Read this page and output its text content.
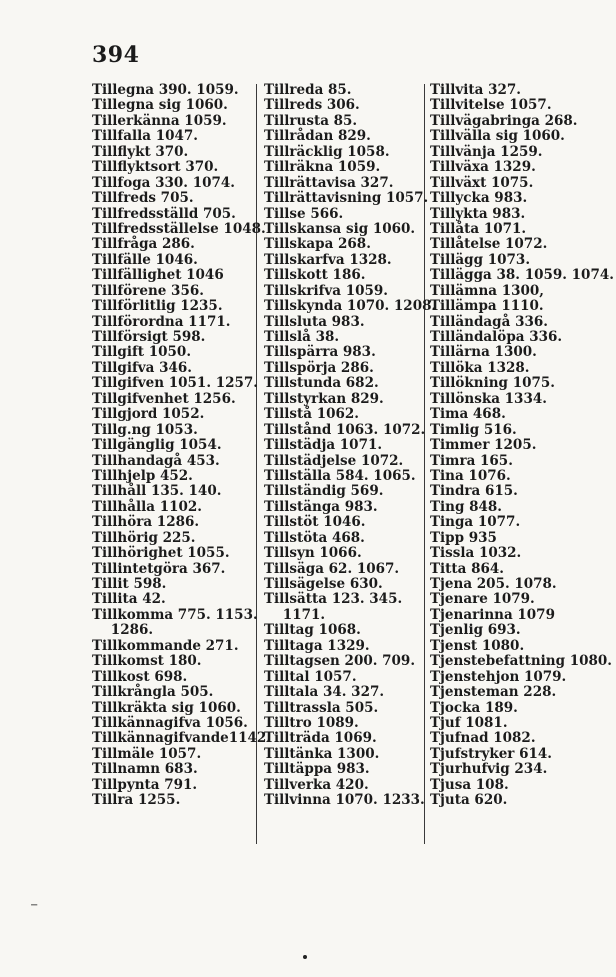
394
Tillegna 390. 1059.
Tillegna sig 1060.
Tillerkänna 1059.
Tillfalla 1047.
Tillflykt 370.
Tillflyktsort 370.
Tillfoga 330. 1074.
Tillfreds 705.
Tillfredsställd 705.
Tillfredsställelse 1048.
Tillfråga 286.
Tillfälle 1046.
Tillfällighet 1046
Tillförene 356.
Tillförlitlig 1235.
Tillförordna 1171.
Tillförsigt 598.
Tillgift 1050.
Tillgifva 346.
Tillgifven 1051. 1257.
Tillgifvenhet 1256.
Tillgjord 1052.
Tillg.ng 1053.
Tillgänglig 1054.
Tillhandagå 453.
Tillhjelp 452.
Tillhåll 135. 140.
Tillhålla 1102.
Tillhöra 1286.
Tillhörig 225.
Tillhörighet 1055.
Tillintetgöra 367.
Tillit 598.
Tillita 42.
Tillkomma 775. 1153.
1286.
Tillkommande 271.
Tillkomst 180.
Tillkost 698.
Tillkrångla 505.
Tillkräkta sig 1060.
Tillkännagifva 1056.
Tillkännagifvande1142.
Tillmäle 1057.
Tillnamn 683.
Tillpynta 791.
Tillra 1255.
Tillreda 85.
Tillreds 306.
Tillrusta 85.
Tillrådan 829.
Tillräcklig 1058.
Tillräkna 1059.
Tillrättavisa 327.
Tillrättavisning 1057.
Tillse 566.
Tillskansa sig 1060.
Tillskapa 268.
Tillskarfva 1328.
Tillskott 186.
Tillskrifva 1059.
Tillskynda 1070. 1208.
Tillsluta 983.
Tillslå 38.
Tillspärra 983.
Tillspörja 286.
Tillstunda 682.
Tillstyrkan 829.
Tillstå 1062.
Tillstånd 1063. 1072.
Tillstädja 1071.
Tillstädjelse 1072.
Tillställa 584. 1065.
Tillständig 569.
Tillstänga 983.
Tillstöt 1046.
Tillstöta 468.
Tillsyn 1066.
Tillsäga 62. 1067.
Tillsägelse 630.
Tillsätta 123. 345.
1171.
Tilltag 1068.
Tilltaga 1329.
Tilltagsen 200. 709.
Tilltal 1057.
Tilltala 34. 327.
Tilltrassla 505.
Tilltro 1089.
Tillträda 1069.
Tilltänka 1300.
Tilltäppa 983.
Tillverka 420.
Tillvinna 1070. 1233.
Tillvita 327.
Tillvitelse 1057.
Tillvägabringa 268.
Tillvälla sig 1060.
Tillvänja 1259.
Tillväxa 1329.
Tillväxt 1075.
Tillycka 983.
Tillykta 983.
Tillåta 1071.
Tillåtelse 1072.
Tillägg 1073.
Tillägga 38. 1059. 1074.
Tillämna 1300,
Tillämpa 1110.
Tilländagå 336.
Tilländalöpa 336.
Tillärna 1300.
Tillöka 1328.
Tillökning 1075.
Tillönska 1334.
Tima 468.
Timlig 516.
Timmer 1205.
Timra 165.
Tina 1076.
Tindra 615.
Ting 848.
Tinga 1077.
Tipp 935
Tissla 1032.
Titta 864.
Tjena 205. 1078.
Tjenare 1079.
Tjenarinna 1079
Tjenlig 693.
Tjenst 1080.
Tjenstebefattning 1080.
Tjenstehjon 1079.
Tjensteman 228.
Tjocka 189.
Tjuf 1081.
Tjufnad 1082.
Tjufstryker 614.
Tjurhufvig 234.
Tjusa 108.
Tjuta 620.
−
